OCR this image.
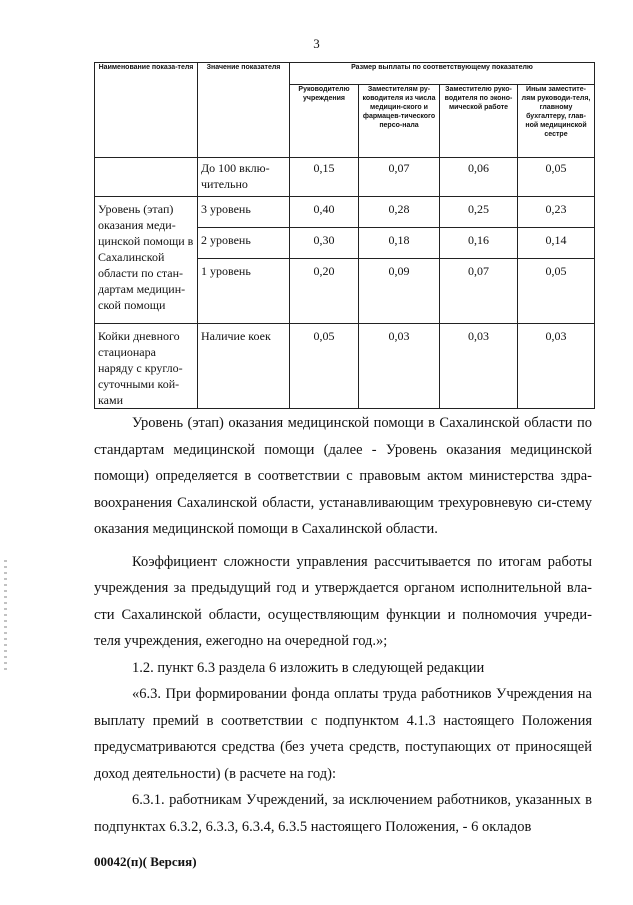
3
Наименование показа-теля	Значение показателя	Размер выплаты по соответствующему показателю			
		Руководителю учреждения	Заместителям ру-ководителя из числа медицин-ского и фармацев-тического персо-нала	Заместителю руко-водителя по эконо-мической работе	Иным заместите-лям руководи-теля, главному бухгалтеру, глав-ной медицинской сестре
	До 100 вклю-чительно	0,15	0,07	0,06	0,05
Уровень (этап) оказания меди-цинской помощи в Сахалинской области по стан-дартам медицин-ской помощи	3 уровень	0,40	0,28	0,25	0,23
	2 уровень	0,30	0,18	0,16	0,14
	1 уровень	0,20	0,09	0,07	0,05
Койки дневного стационара наряду с кругло-суточными кой-ками	Наличие коек	0,05	0,03	0,03	0,03

Уровень (этап) оказания медицинской помощи в Сахалинской области по стандартам медицинской помощи (далее - Уровень оказания медицинской помощи) определяется в соответствии с правовым актом министерства здра-воохранения Сахалинской области, устанавливающим трехуровневую си-стему оказания медицинской помощи в Сахалинской области.

Коэффициент сложности управления рассчитывается по итогам работы учреждения за предыдущий год и утверждается органом исполнительной вла-сти Сахалинской области, осуществляющим функции и полномочия учреди-теля учреждения, ежегодно на очередной год.»;

1.2. пункт 6.3 раздела 6 изложить в следующей редакции

«6.3. При формировании фонда оплаты труда работников Учреждения на выплату премий в соответствии с подпунктом 4.1.3 настоящего Положения предусматриваются средства (без учета средств, поступающих от приносящей доход деятельности) (в расчете на год):

6.3.1. работникам Учреждений, за исключением работников, указанных в подпунктах 6.3.2, 6.3.3, 6.3.4, 6.3.5 настоящего Положения, - 6 окладов

00042(п)( Версия)
